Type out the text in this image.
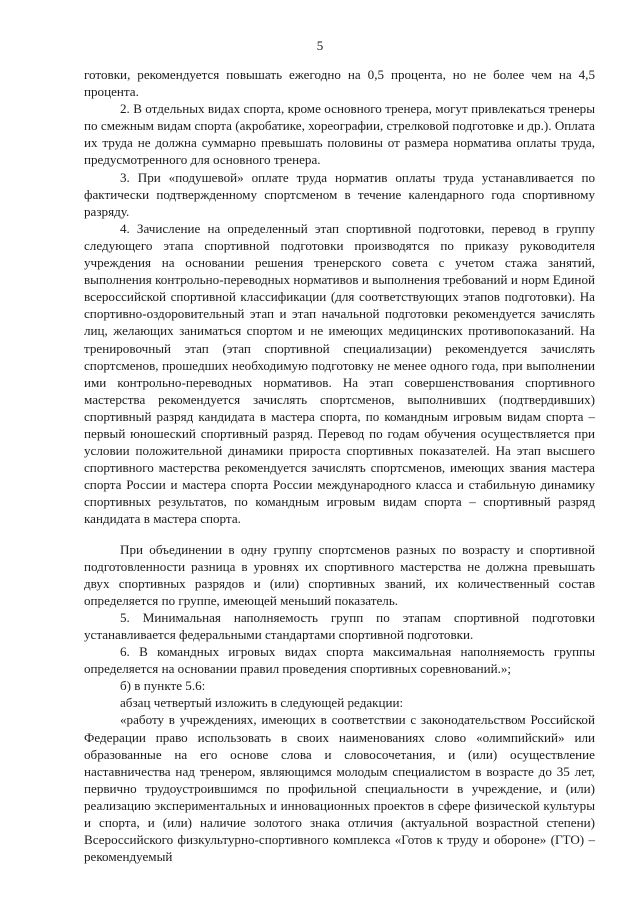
5

готовки, рекомендуется повышать ежегодно на 0,5 процента, но не более чем на 4,5 процента.

2. В отдельных видах спорта, кроме основного тренера, могут привлекаться тренеры по смежным видам спорта (акробатике, хореографии, стрелковой подготовке и др.). Оплата их труда не должна суммарно превышать половины от размера норматива оплаты труда, предусмотренного для основного тренера.

3. При «подушевой» оплате труда норматив оплаты труда устанавливается по фактически подтвержденному спортсменом в течение календарного года спортивному разряду.

4. Зачисление на определенный этап спортивной подготовки, перевод в группу следующего этапа спортивной подготовки производятся по приказу руководителя учреждения на основании решения тренерского совета с учетом стажа занятий, выполнения контрольно-переводных нормативов и выполнения требований и норм Единой всероссийской спортивной классификации (для соответствующих этапов подготовки). На спортивно-оздоровительный этап и этап начальной подготовки рекомендуется зачислять лиц, желающих заниматься спортом и не имеющих медицинских противопоказаний. На тренировочный этап (этап спортивной специализации) рекомендуется зачислять спортсменов, прошедших необходимую подготовку не менее одного года, при выполнении ими контрольно-переводных нормативов. На этап совершенствования спортивного мастерства рекомендуется зачислять спортсменов, выполнивших (подтвердивших) спортивный разряд кандидата в мастера спорта, по командным игровым видам спорта – первый юношеский спортивный разряд. Перевод по годам обучения осуществляется при условии положительной динамики прироста спортивных показателей. На этап высшего спортивного мастерства рекомендуется зачислять спортсменов, имеющих звания мастера спорта России и мастера спорта России международного класса и стабильную динамику спортивных результатов, по командным игровым видам спорта – спортивный разряд кандидата в мастера спорта.

При объединении в одну группу спортсменов разных по возрасту и спортивной подготовленности разница в уровнях их спортивного мастерства не должна превышать двух спортивных разрядов и (или) спортивных званий, их количественный состав определяется по группе, имеющей меньший показатель.

5. Минимальная наполняемость групп по этапам спортивной подготовки устанавливается федеральными стандартами спортивной подготовки.

6. В командных игровых видах спорта максимальная наполняемость группы определяется на основании правил проведения спортивных соревнований.»;

б) в пункте 5.6:

абзац четвертый изложить в следующей редакции:

«работу в учреждениях, имеющих в соответствии с законодательством Российской Федерации право использовать в своих наименованиях слово «олимпийский» или образованные на его основе слова и словосочетания, и (или) осуществление наставничества над тренером, являющимся молодым специалистом в возрасте до 35 лет, первично трудоустроившимся по профильной специальности в учреждение, и (или) реализацию экспериментальных и инновационных проектов в сфере физической культуры и спорта, и (или) наличие золотого знака отличия (актуальной возрастной степени) Всероссийского физкультурно-спортивного комплекса «Готов к труду и обороне» (ГТО) – рекомендуемый
